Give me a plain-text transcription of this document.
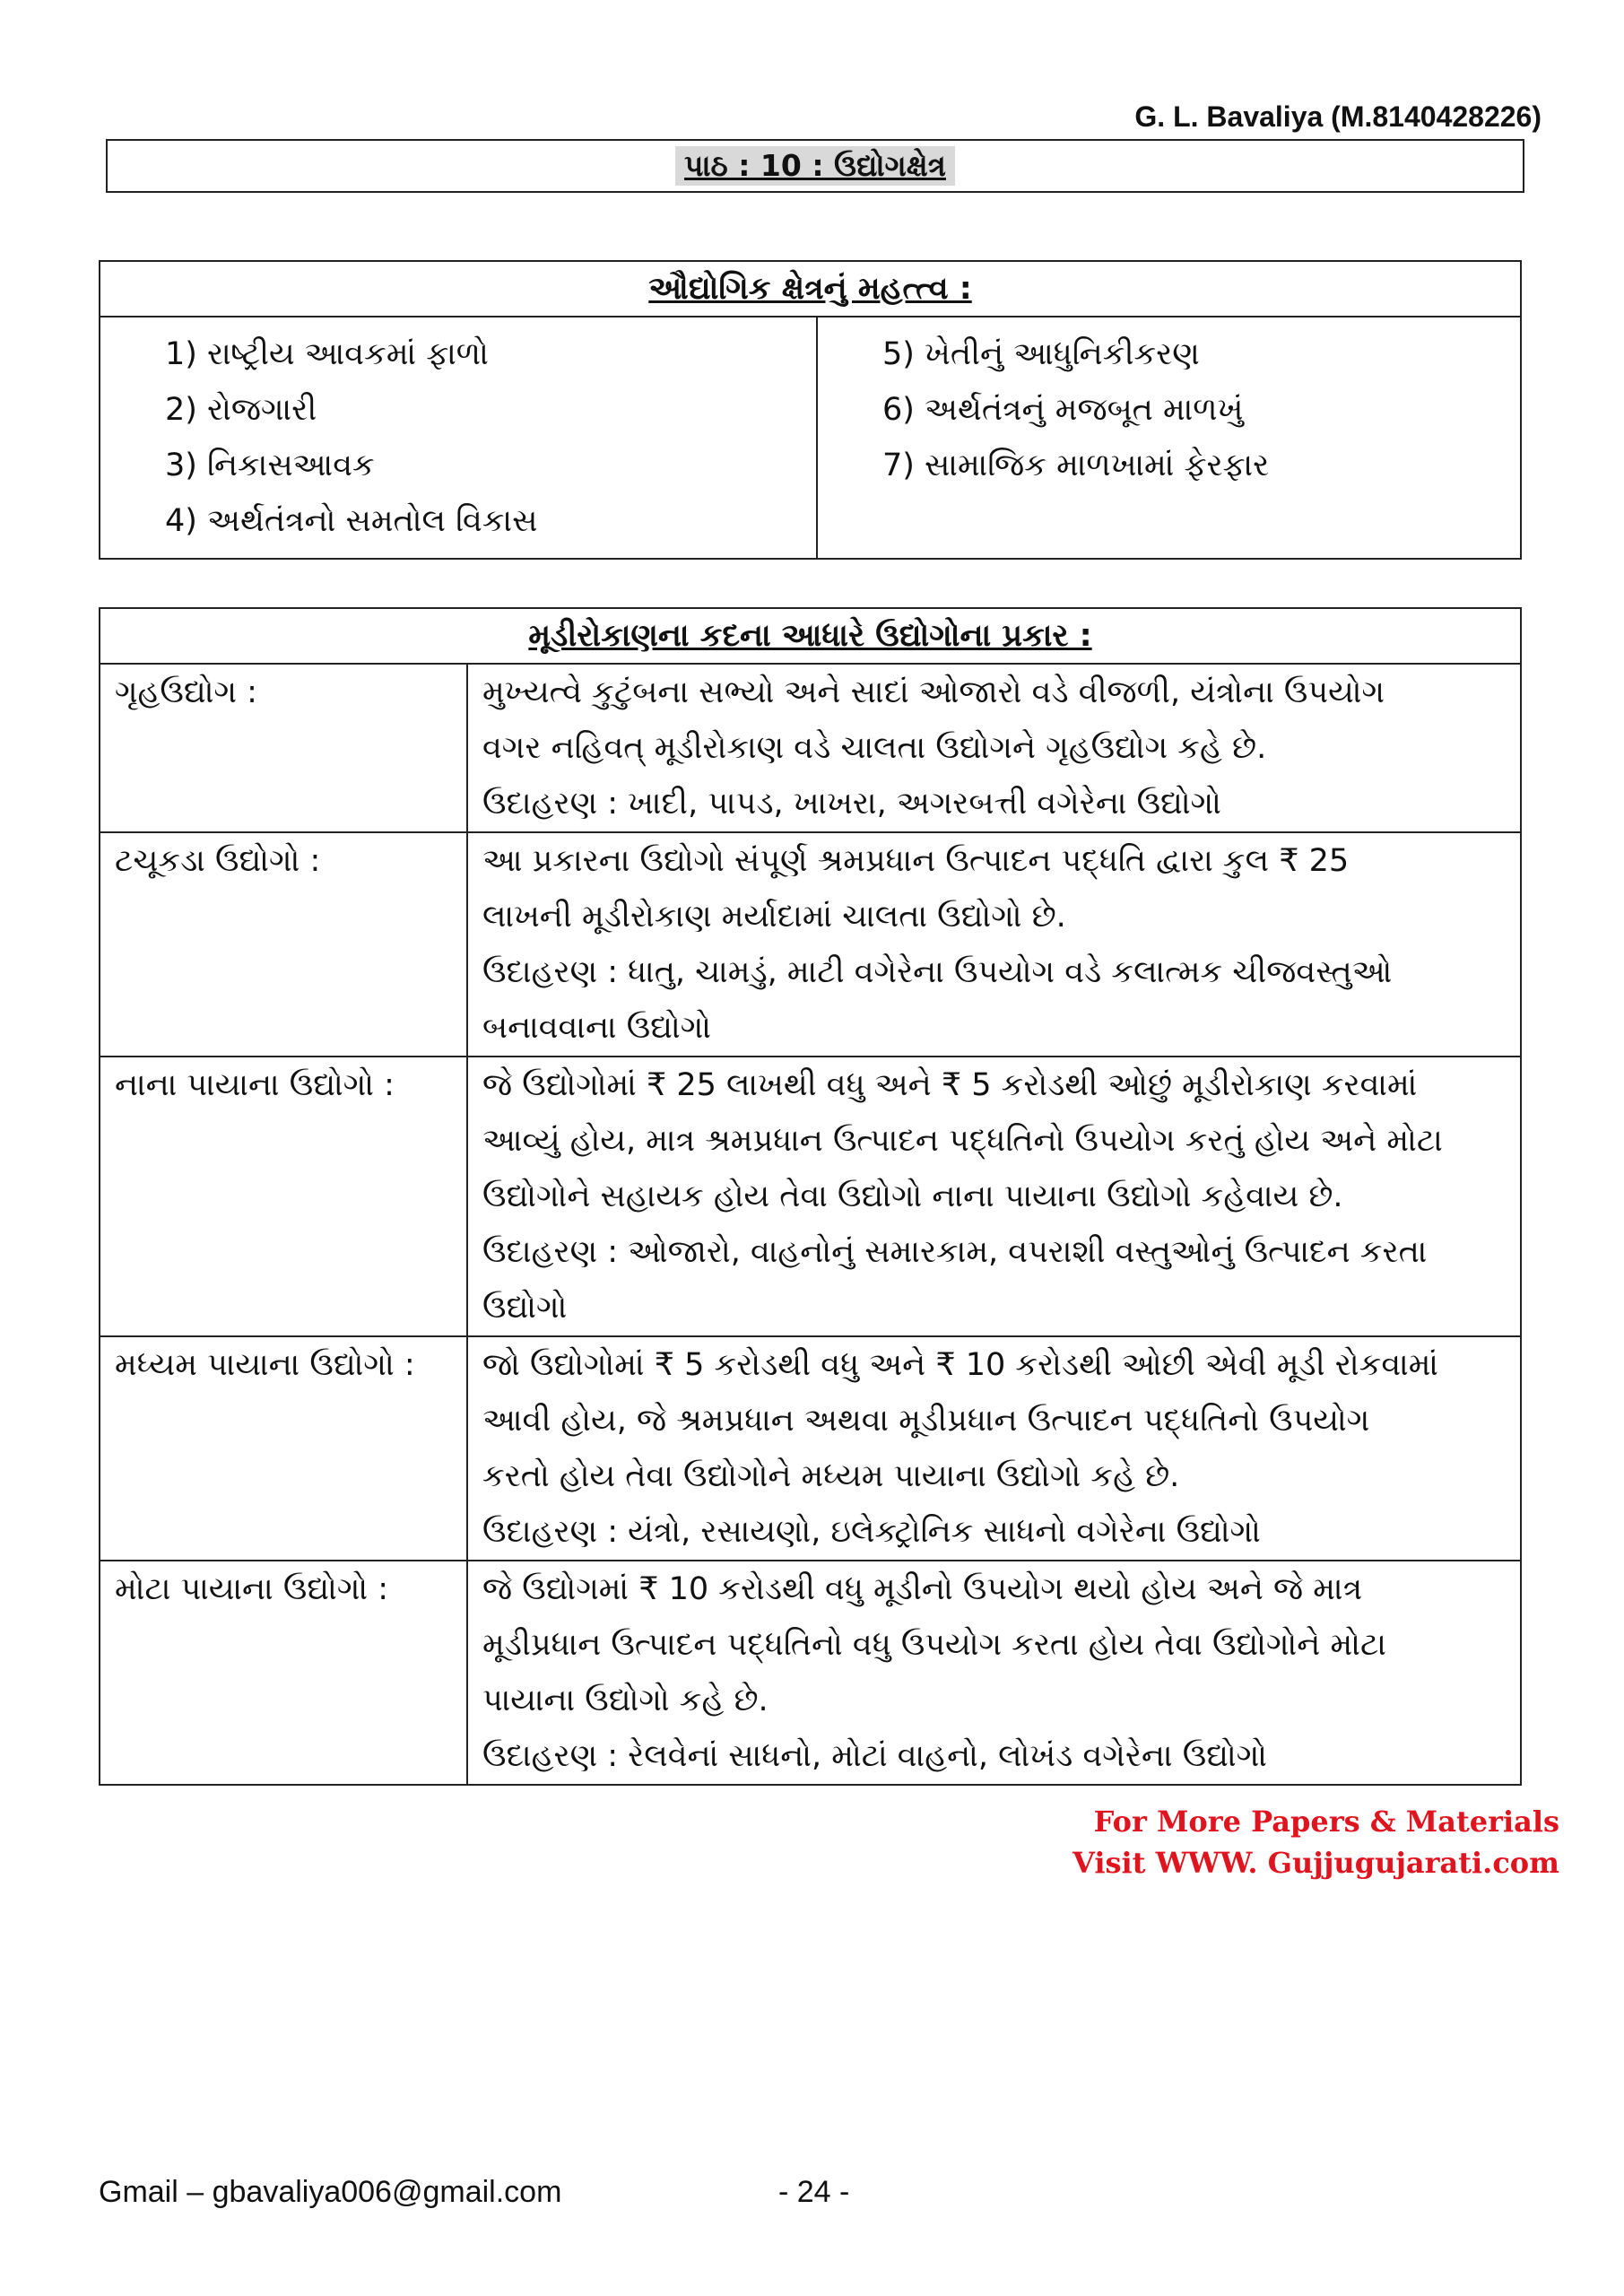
G. L. Bavaliya (M.8140428226)
પાઠ : 10 : ઉદ્યોગક્ષેત્ર
ઔદ્યોગિક ક્ષેત્રનું મહત્ત્વ :

1) રાષ્ટ્રીય આવકમાં ફાળો
2) રોજગારી
3) નિકાસઆવક
4) અર્થતંત્રનો સમતોલ વિકાસ

5) ખેતીનું આધુનિકીકરણ
6) અર્થતંત્રનું મજબૂત માળખું
7) સામાજિક માળખામાં ફેરફાર
મૂડીરોકાણના કદના આધારે ઉદ્યોગોના પ્રકાર :	
ગૃહઉદ્યોગ :	મુખ્યત્વે કુટુંબના સભ્યો અને સાદાં ઓજારો વડે વીજળી, યંત્રોના ઉપયોગ
વગર નહિવત્ મૂડીરોકાણ વડે ચાલતા ઉદ્યોગને ગૃહઉદ્યોગ કહે છે.
ઉદાહરણ : ખાદી, પાપડ, ખાખરા, અગરબત્તી વગેરેના ઉદ્યોગો

ટચૂકડા ઉદ્યોગો :	આ પ્રકારના ઉદ્યોગો સંપૂર્ણ શ્રમપ્રધાન ઉત્પાદન પદ્ધતિ દ્વારા કુલ ₹ 25
લાખની મૂડીરોકાણ મર્યાદામાં ચાલતા ઉદ્યોગો છે.
ઉદાહરણ : ધાતુ, ચામડું, માટી વગેરેના ઉપયોગ વડે કલાત્મક ચીજવસ્તુઓ
બનાવવાના ઉદ્યોગો

નાના પાયાના ઉદ્યોગો :	જે ઉદ્યોગોમાં ₹ 25 લાખથી વધુ અને ₹ 5 કરોડથી ઓછું મૂડીરોકાણ કરવામાં
આવ્યું હોય, માત્ર શ્રમપ્રધાન ઉત્પાદન પદ્ધતિનો ઉપયોગ કરતું હોય અને મોટા
ઉદ્યોગોને સહાયક હોય તેવા ઉદ્યોગો નાના પાયાના ઉદ્યોગો કહેવાય છે.
ઉદાહરણ : ઓજારો, વાહનોનું સમારકામ, વપરાશી વસ્તુઓનું ઉત્પાદન કરતા
ઉદ્યોગો

મધ્યમ પાયાના ઉદ્યોગો :	જો ઉદ્યોગોમાં ₹ 5 કરોડથી વધુ અને ₹ 10 કરોડથી ઓછી એવી મૂડી રોકવામાં
આવી હોય, જે શ્રમપ્રધાન અથવા મૂડીપ્રધાન ઉત્પાદન પદ્ધતિનો ઉપયોગ
કરતો હોય તેવા ઉદ્યોગોને મધ્યમ પાયાના ઉદ્યોગો કહે છે.
ઉદાહરણ : યંત્રો, રસાયણો, ઇલેક્ટ્રોનિક સાધનો વગેરેના ઉદ્યોગો

મોટા પાયાના ઉદ્યોગો :	જે ઉદ્યોગમાં ₹ 10 કરોડથી વધુ મૂડીનો ઉપયોગ થયો હોય અને જે માત્ર
મૂડીપ્રધાન ઉત્પાદન પદ્ધતિનો વધુ ઉપયોગ કરતા હોય તેવા ઉદ્યોગોને મોટા
પાયાના ઉદ્યોગો કહે છે.
ઉદાહરણ : રેલવેનાં સાધનો, મોટાં વાહનો, લોખંડ વગેરેના ઉદ્યોગો
For More Papers & Materials
Visit WWW. Gujjugujarati.com
Gmail – gbavaliya006@gmail.com	- 24 -
